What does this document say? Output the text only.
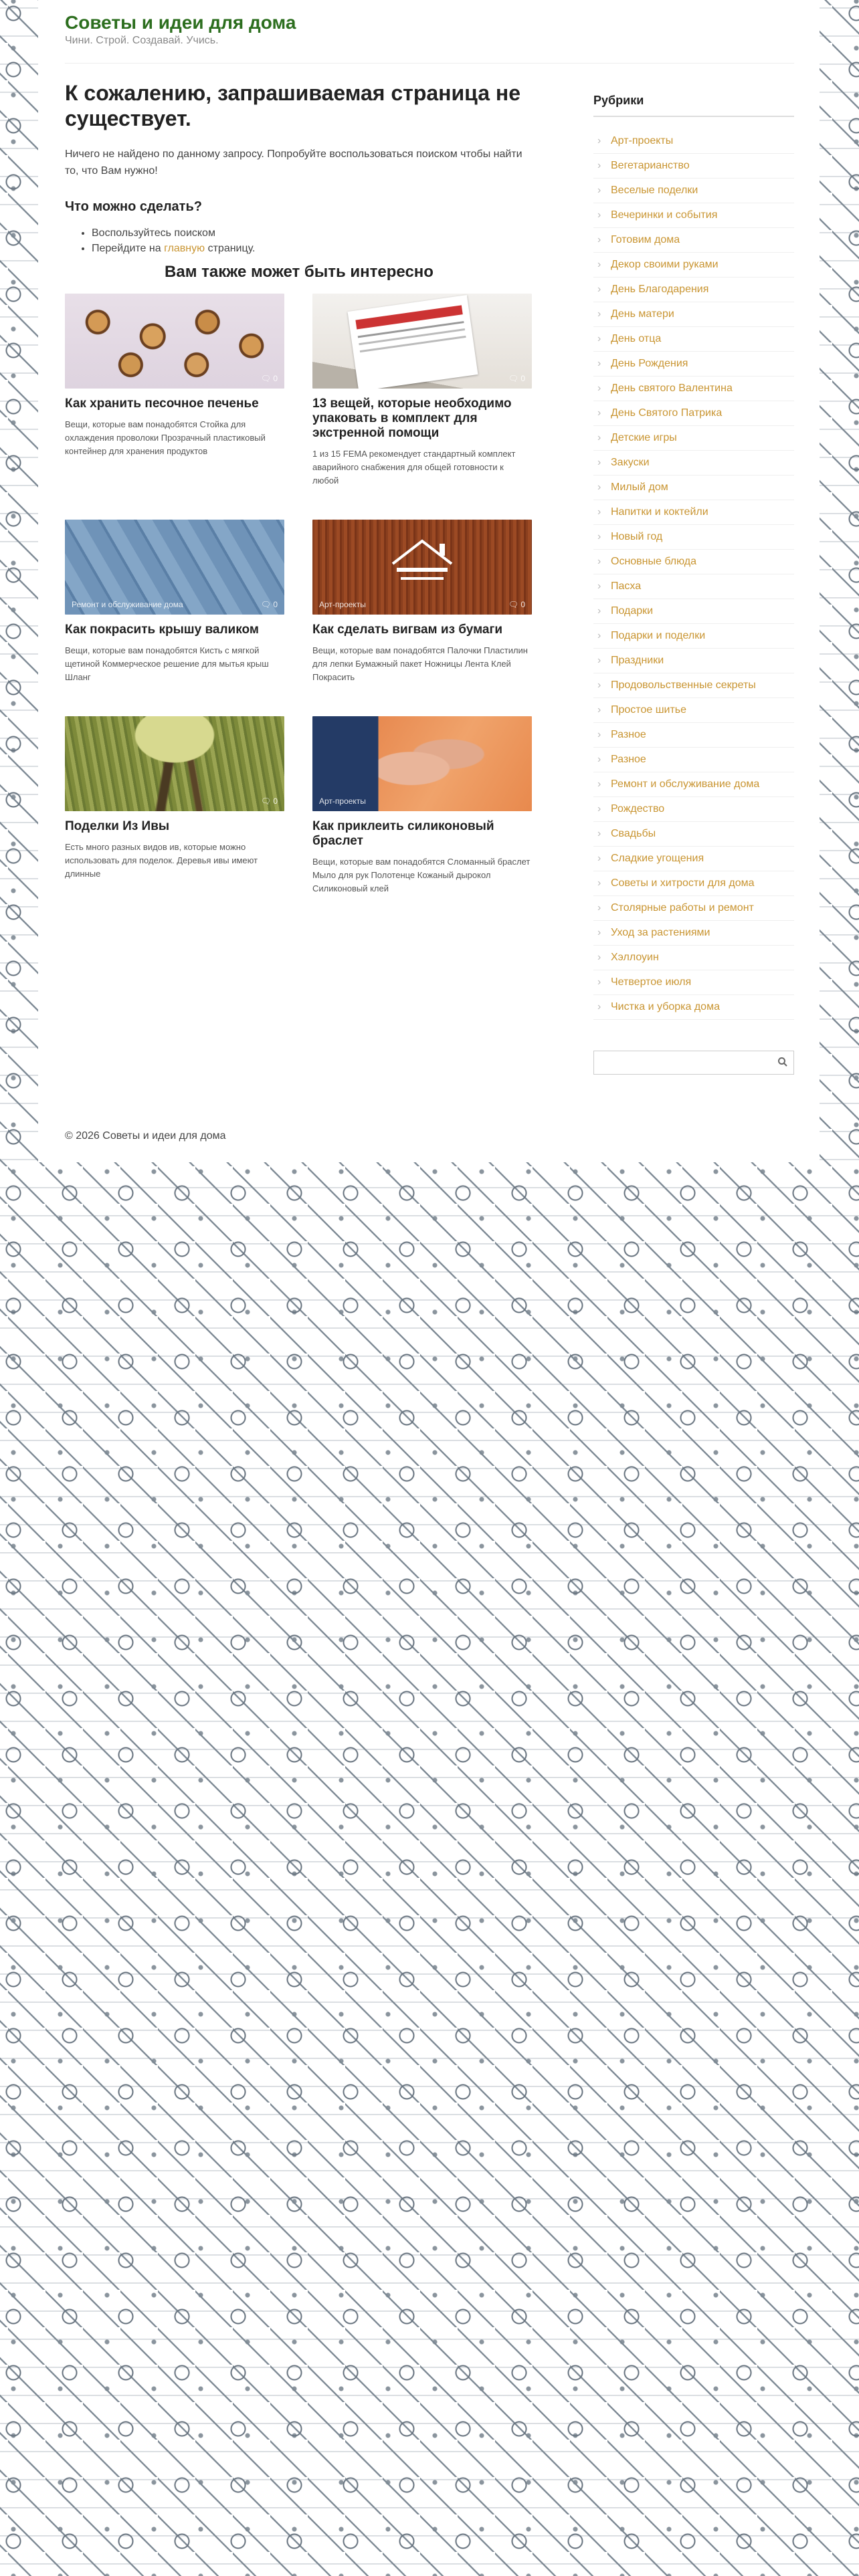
Советы и идеи для дома
Чини. Строй. Создавай. Учись.
К сожалению, запрашиваемая страница не существует.

Ничего не найдено по данному запросу. Попробуйте воспользоваться поиском чтобы найти то, что Вам нужно!

Что можно сделать?
• Воспользуйтесь поиском
• Перейдите на главную страницу.
Вам также может быть интересно
🗨 0
Как хранить песочное печенье
Вещи, которые вам понадобятся Стойка для охлаждения проволоки Прозрачный пластиковый контейнер для хранения продуктов
🗨 0
13 вещей, которые необходимо упаковать в комплект для экстренной помощи
1 из 15 FEMA рекомендует стандартный комплект аварийного снабжения для общей готовности к любой
Ремонт и обслуживание дома	🗨 0
Как покрасить крышу валиком
Вещи, которые вам понадобятся Кисть с мягкой щетиной Коммерческое решение для мытья крыш Шланг
Арт-проекты	🗨 0
Как сделать вигвам из бумаги
Вещи, которые вам понадобятся Палочки Пластилин для лепки Бумажный пакет Ножницы Лента Клей Покрасить
🗨 0
Поделки Из Ивы
Есть много разных видов ив, которые можно использовать для поделок. Деревья ивы имеют длинные
Арт-проекты
Как приклеить силиконовый браслет
Вещи, которые вам понадобятся Сломанный браслет Мыло для рук Полотенце Кожаный дырокол Силиконовый клей
Рубрики
› Арт-проекты
› Вегетарианство
› Веселые поделки
› Вечеринки и события
› Готовим дома
› Декор своими руками
› День Благодарения
› День матери
› День отца
› День Рождения
› День святого Валентина
› День Святого Патрика
› Детские игры
› Закуски
› Милый дом
› Напитки и коктейли
› Новый год
› Основные блюда
› Пасха
› Подарки
› Подарки и поделки
› Праздники
› Продовольственные секреты
› Простое шитье
› Разное
› Разное
› Ремонт и обслуживание дома
› Рождество
› Свадьбы
› Сладкие угощения
› Советы и хитрости для дома
› Столярные работы и ремонт
› Уход за растениями
› Хэллоуин
› Четвертое июля
› Чистка и уборка дома
© 2026 Советы и идеи для дома
